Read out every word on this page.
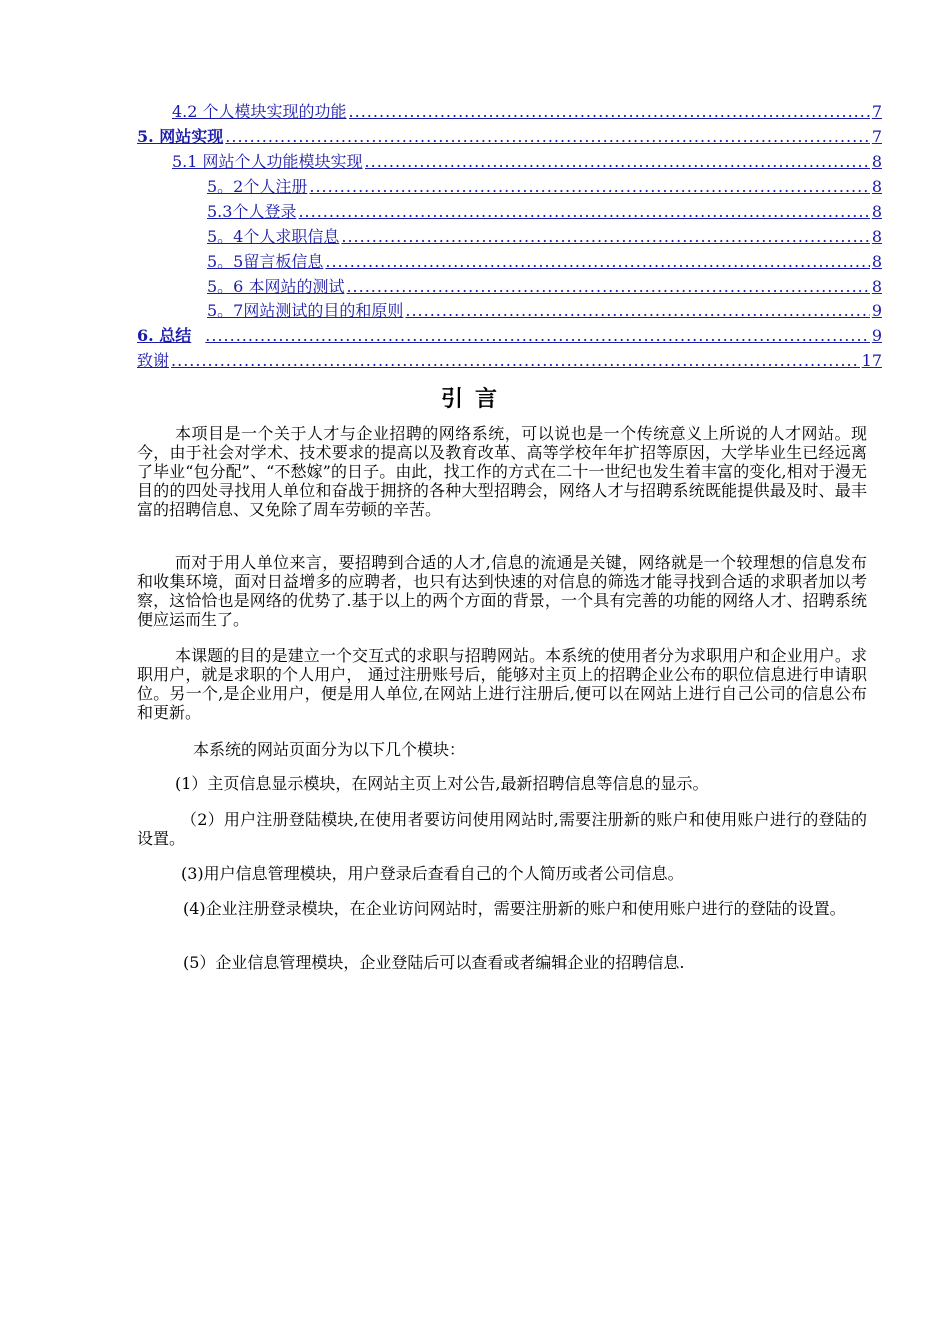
4.2 个人模块实现的功能 .....	7
5. 网站实现 .....	7
5.1 网站个人功能模块实现 .....	8
5。2个人注册 .....	8
5.3个人登录 .....	8
5。4个人求职信息 .....	8
5。5留言板信息 .....	8
5。6 本网站的测试 .....	8
5。7网站测试的目的和原则 .....	9
6. 总结 .....	9
致谢 .....	17
引言

本项目是一个关于人才与企业招聘的网络系统，可以说也是一个传统意义上所说的人才网站。现今，由于社会对学术、技术要求的提高以及教育改革、高等学校年年扩招等原因，大学毕业生已经远离了毕业“包分配”、“不愁嫁”的日子。由此，找工作的方式在二十一世纪也发生着丰富的变化,相对于漫无目的的四处寻找用人单位和奋战于拥挤的各种大型招聘会，网络人才与招聘系统既能提供最及时、最丰富的招聘信息、又免除了周车劳顿的辛苦。

而对于用人单位来言，要招聘到合适的人才,信息的流通是关键，网络就是一个较理想的信息发布和收集环境，面对日益增多的应聘者，也只有达到快速的对信息的筛选才能寻找到合适的求职者加以考察，这恰恰也是网络的优势了.基于以上的两个方面的背景，一个具有完善的功能的网络人才、招聘系统便应运而生了。

本课题的目的是建立一个交互式的求职与招聘网站。本系统的使用者分为求职用户和企业用户。求职用户，就是求职的个人用户， 通过注册账号后，能够对主页上的招聘企业公布的职位信息进行申请职位。另一个,是企业用户，便是用人单位,在网站上进行注册后,便可以在网站上进行自己公司的信息公布和更新。

本系统的网站页面分为以下几个模块：

(1）主页信息显示模块，在网站主页上对公告,最新招聘信息等信息的显示。

（2）用户注册登陆模块,在使用者要访问使用网站时,需要注册新的账户和使用账户进行的登陆的设置。

(3)用户信息管理模块，用户登录后查看自己的个人简历或者公司信息。

(4)企业注册登录模块，在企业访问网站时，需要注册新的账户和使用账户进行的登陆的设置。

(5）企业信息管理模块，企业登陆后可以查看或者编辑企业的招聘信息.
